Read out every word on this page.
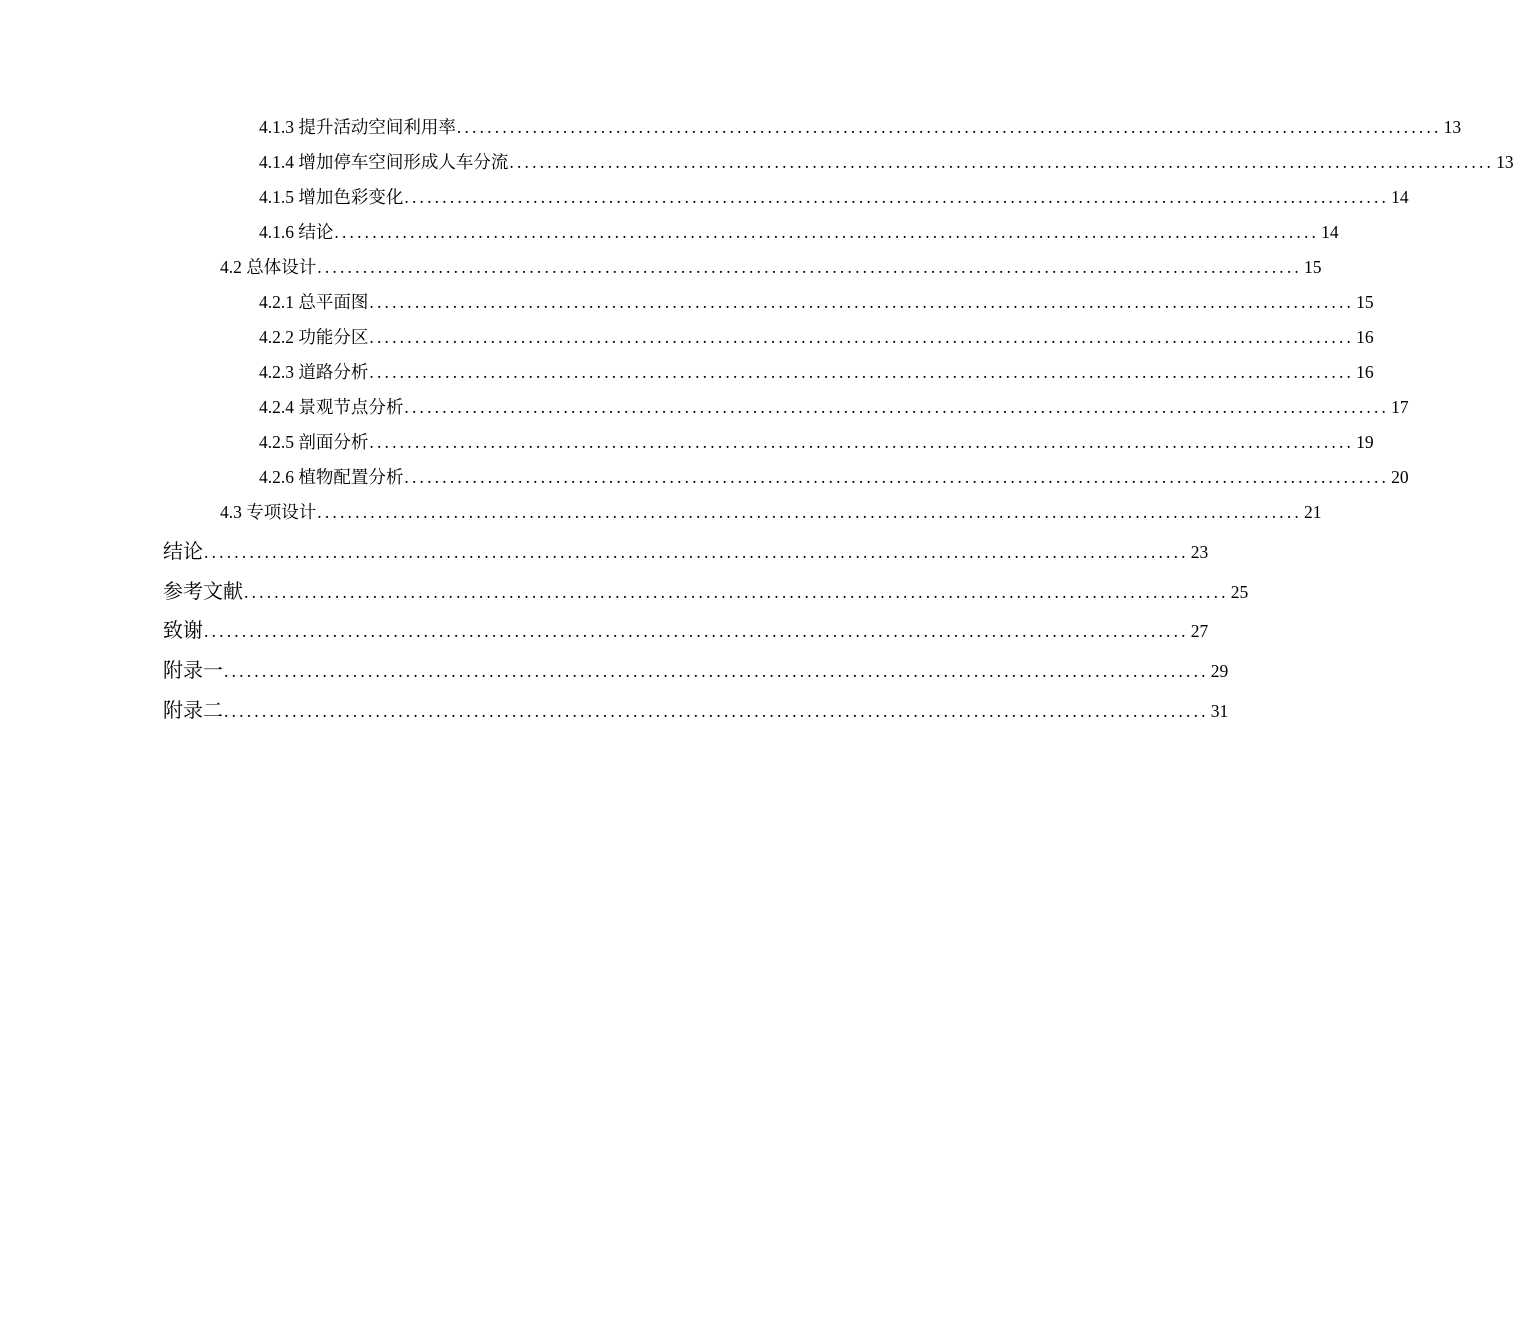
4.1.3 提升活动空间利用率 .................................................................................................................................. 13
4.1.4 增加停车空间形成人车分流 .................................................................................................................................. 13
4.1.5 增加色彩变化 .................................................................................................................................. 14
4.1.6 结论 .................................................................................................................................. 14
4.2 总体设计 .................................................................................................................................. 15
4.2.1 总平面图 .................................................................................................................................. 15
4.2.2 功能分区 .................................................................................................................................. 16
4.2.3 道路分析 .................................................................................................................................. 16
4.2.4 景观节点分析 .................................................................................................................................. 17
4.2.5 剖面分析 .................................................................................................................................. 19
4.2.6 植物配置分析 .................................................................................................................................. 20
4.3 专项设计 .................................................................................................................................. 21
结论 .................................................................................................................................. 23
参考文献 .................................................................................................................................. 25
致谢 .................................................................................................................................. 27
附录一 .................................................................................................................................. 29
附录二 .................................................................................................................................. 31
